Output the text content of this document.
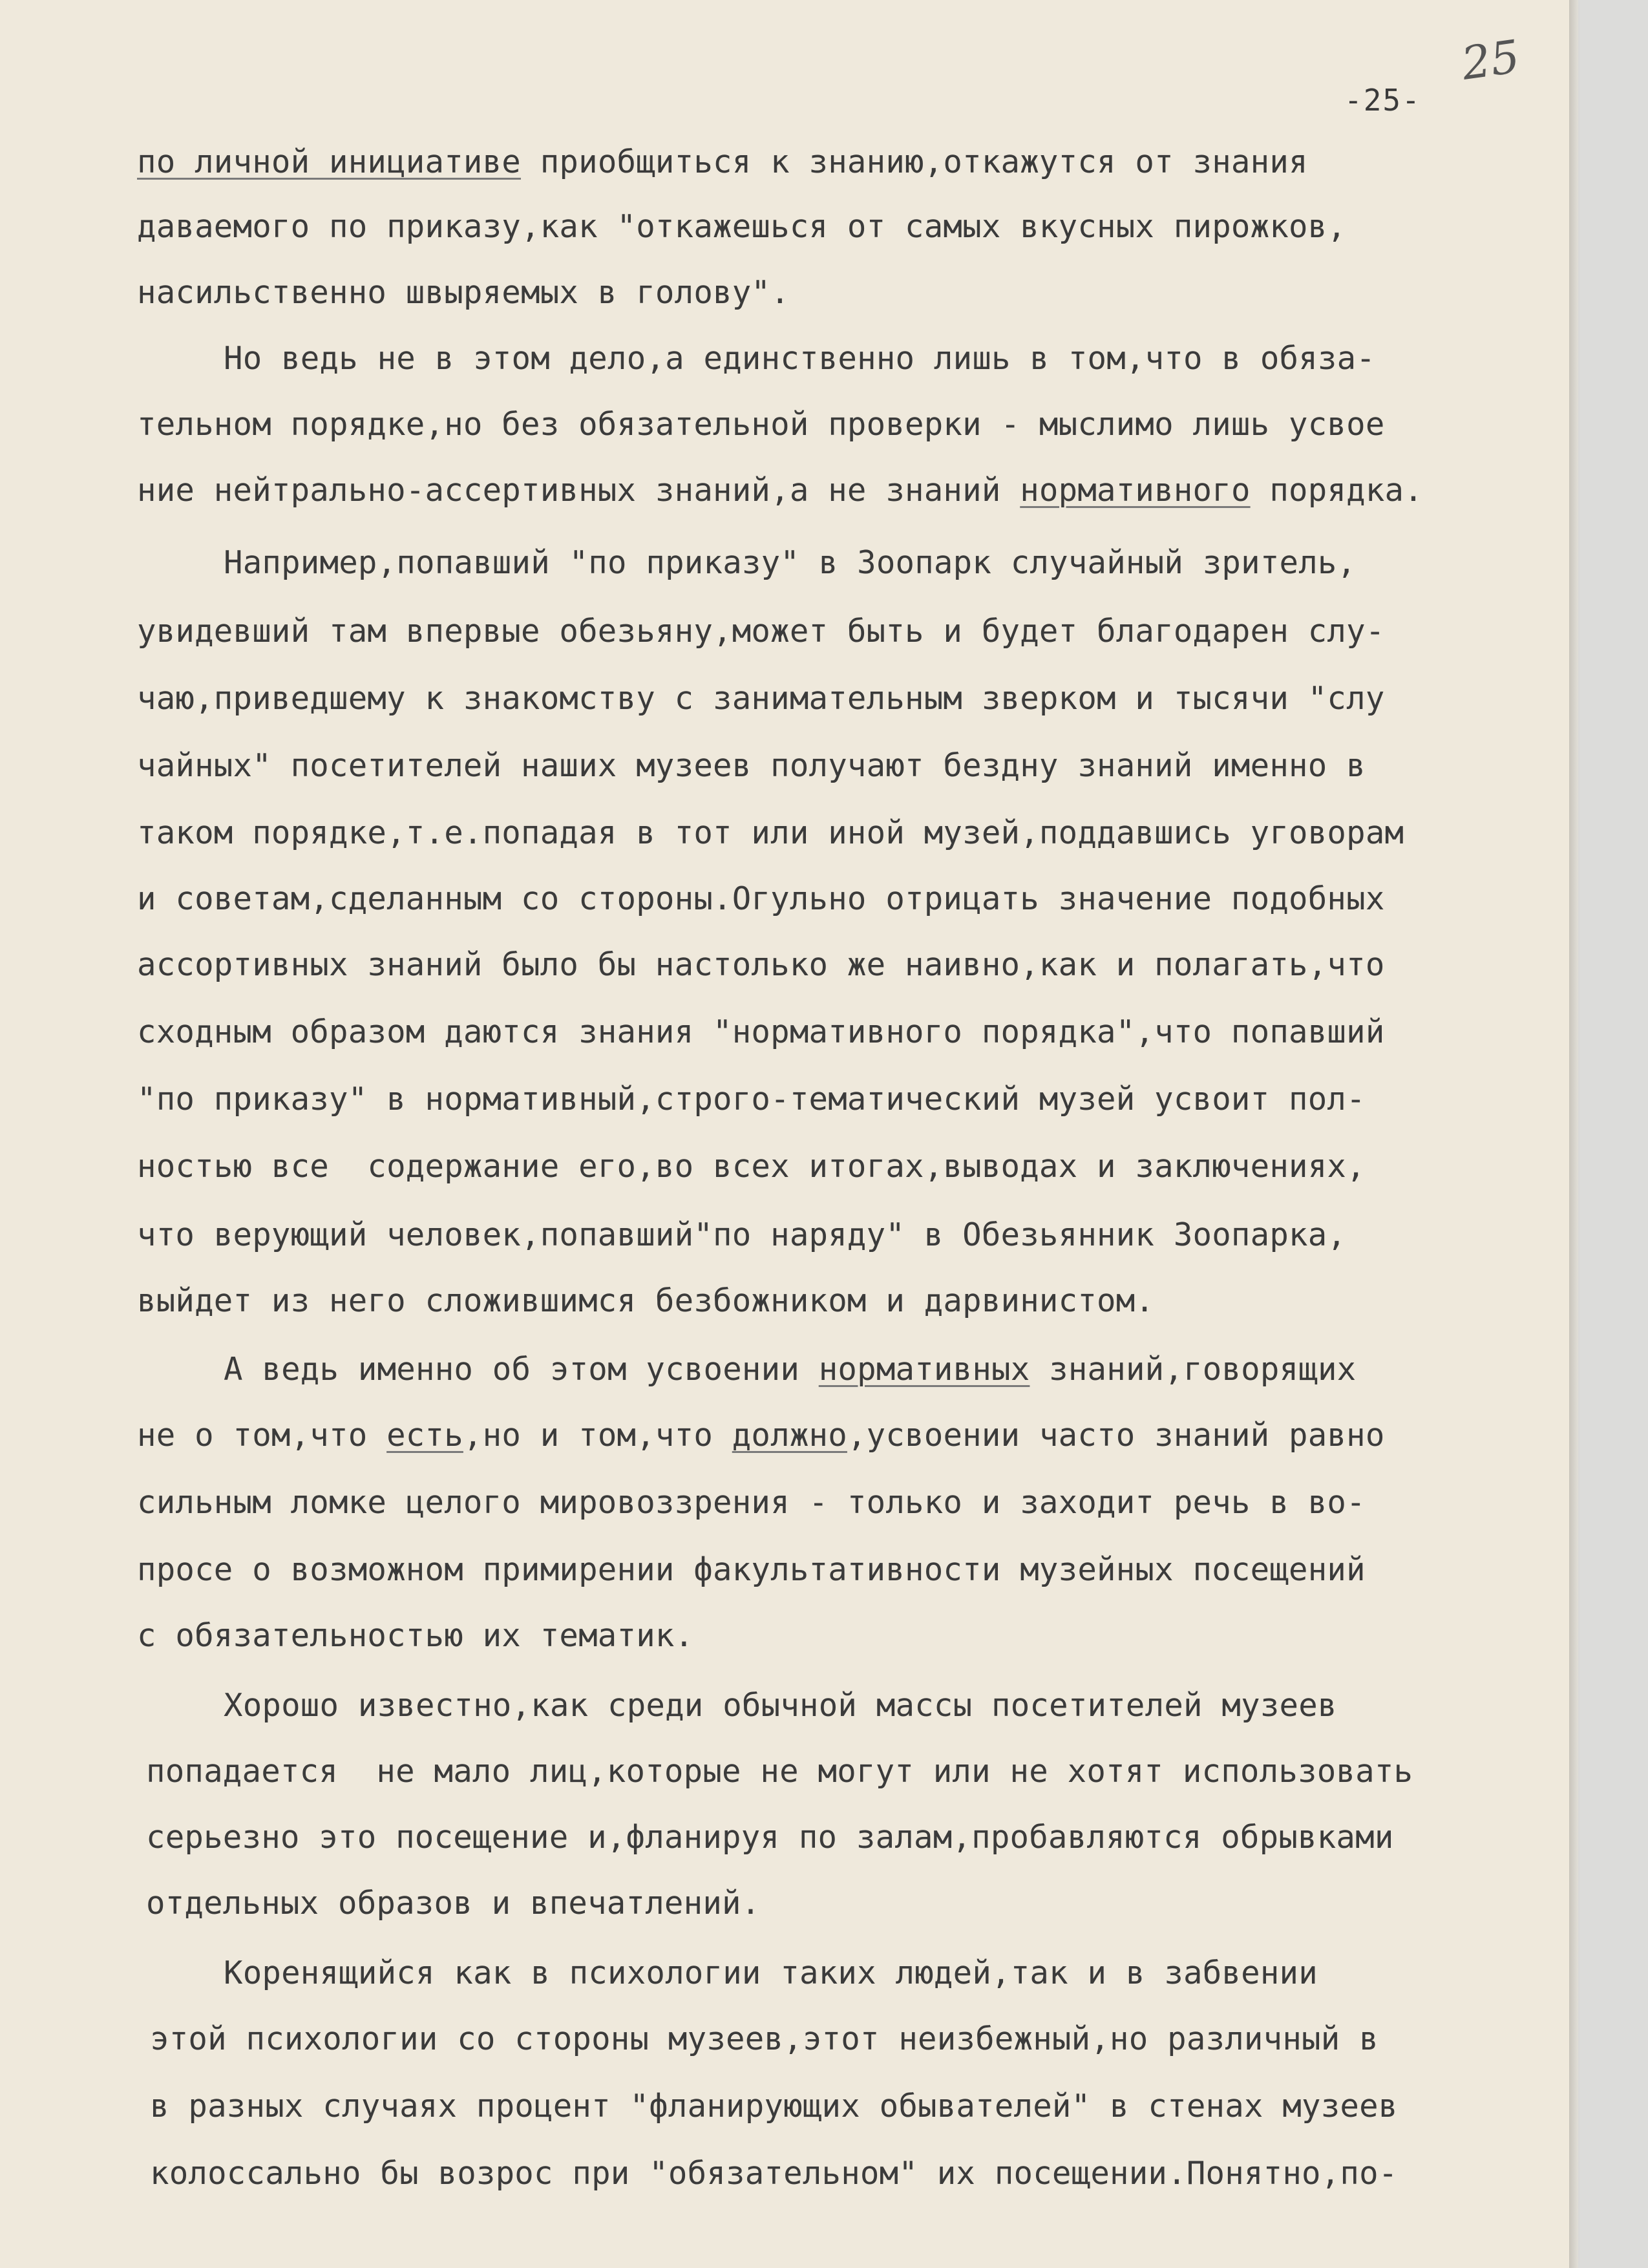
-25-
25
по личной инициативе приобщиться к знанию,откажутся от знания
даваемого по приказу,как "откажешься от самых вкусных пирожков,
насильственно швыряемых в голову".
Но ведь не в этом дело,а единственно лишь в том,что в обяза-
тельном порядке,но без обязательной проверки - мыслимо лишь усвое
ние нейтрально-ассертивных знаний,а не знаний нормативного порядка.
Например,попавший "по приказу" в Зоопарк случайный зритель,
увидевший там впервые обезьяну,может быть и будет благодарен слу-
чаю,приведшему к знакомству с занимательным зверком и тысячи "слу
чайных" посетителей наших музеев получают бездну знаний именно в
таком порядке,т.е.попадая в тот или иной музей,поддавшись уговорам
и советам,сделанным со стороны.Огульно отрицать значение подобных
ассортивных знаний было бы настолько же наивно,как и полагать,что
сходным образом даются знания "нормативного порядка",что попавший
"по приказу" в нормативный,строго-тематический музей усвоит пол-
ностью все  содержание его,во всех итогах,выводах и заключениях,
что верующий человек,попавший"по наряду" в Обезьянник Зоопарка,
выйдет из него сложившимся безбожником и дарвинистом.
А ведь именно об этом усвоении нормативных знаний,говорящих
не о том,что есть,но и том,что должно,усвоении часто знаний равно
сильным ломке целого мировоззрения - только и заходит речь в во-
просе о возможном примирении факультативности музейных посещений
с обязательностью их тематик.
Хорошо известно,как среди обычной массы посетителей музеев
попадается  не мало лиц,которые не могут или не хотят использовать
серьезно это посещение и,фланируя по залам,пробавляются обрывками
отдельных образов и впечатлений.
Коренящийся как в психологии таких людей,так и в забвении
этой психологии со стороны музеев,этот неизбежный,но различный в
в разных случаях процент "фланирующих обывателей" в стенах музеев
колоссально бы возрос при "обязательном" их посещении.Понятно,по-
